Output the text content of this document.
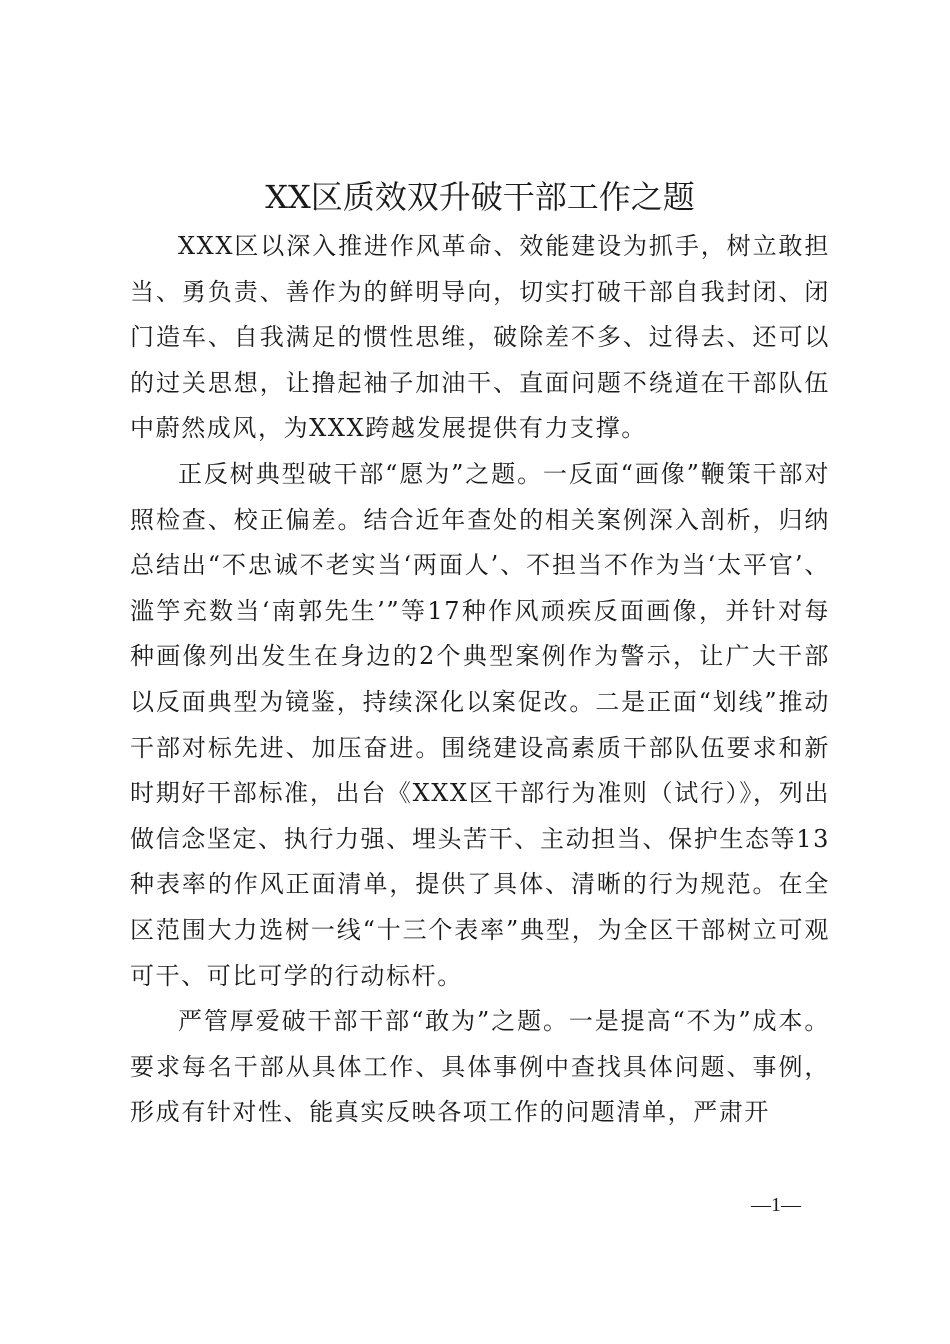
XX区质效双升破干部工作之题

XXX区以深入推进作风革命、效能建设为抓手，树立敢担当、勇负责、善作为的鲜明导向，切实打破干部自我封闭、闭门造车、自我满足的惯性思维，破除差不多、过得去、还可以的过关思想，让撸起袖子加油干、直面问题不绕道在干部队伍中蔚然成风，为XXX跨越发展提供有力支撑。

正反树典型破干部“愿为”之题。一反面“画像”鞭策干部对照检查、校正偏差。结合近年查处的相关案例深入剖析，归纳总结出“不忠诚不老实当‘两面人’、不担当不作为当‘太平官’、滥竽充数当‘南郭先生’”等17种作风顽疾反面画像，并针对每种画像列出发生在身边的2个典型案例作为警示，让广大干部以反面典型为镜鉴，持续深化以案促改。二是正面“划线”推动干部对标先进、加压奋进。围绕建设高素质干部队伍要求和新时期好干部标准，出台《XXX区干部行为准则（试行）》，列出做信念坚定、执行力强、埋头苦干、主动担当、保护生态等13种表率的作风正面清单，提供了具体、清晰的行为规范。在全区范围大力选树一线“十三个表率”典型，为全区干部树立可观可干、可比可学的行动标杆。

严管厚爱破干部干部“敢为”之题。一是提高“不为”成本。要求每名干部从具体工作、具体事例中查找具体问题、事例，形成有针对性、能真实反映各项工作的问题清单，严肃开

—1—
